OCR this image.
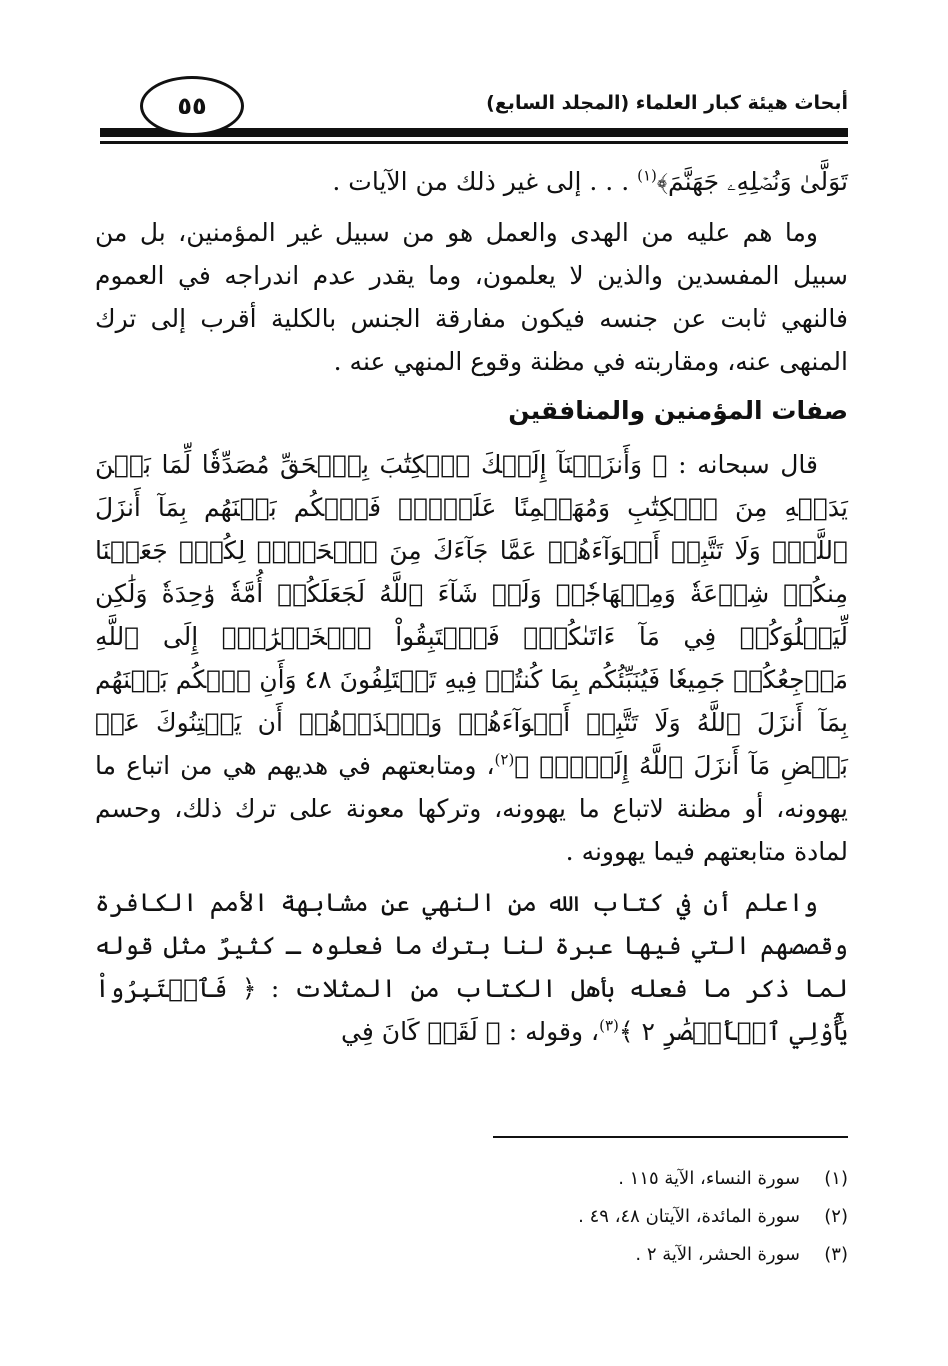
أبحاث هيئة كبار العلماء (المجلد السابع)
٥٥

تَوَلَّىٰ وَنُصۡلِهِۦ جَهَنَّمَ﴾$^{(١)}$ . . . إلى غير ذلك من الآيات .

وما هم عليه من الهدى والعمل هو من سبيل غير المؤمنين، بل من سبيل المفسدين والذين لا يعلمون، وما يقدر عدم اندراجه في العموم فالنهي ثابت عن جنسه فيكون مفارقة الجنس بالكلية أقرب إلى ترك المنهى عنه، ومقاربته في مظنة وقوع المنهي عنه .

صفات المؤمنين والمنافقين

قال سبحانه : ﴿ وَأَنزَلۡنَآ إِلَيۡكَ ٱلۡكِتَٰبَ بِٱلۡحَقِّ مُصَدِّقٗا لِّمَا بَيۡنَ يَدَيۡهِ مِنَ ٱلۡكِتَٰبِ وَمُهَيۡمِنًا عَلَيۡهِۖ فَٱحۡكُم بَيۡنَهُم بِمَآ أَنزَلَ ٱللَّهُۖ وَلَا تَتَّبِعۡ أَهۡوَآءَهُمۡ عَمَّا جَآءَكَ مِنَ ٱلۡحَقِّۚ لِكُلّٖ جَعَلۡنَا مِنكُمۡ شِرۡعَةٗ وَمِنۡهَاجٗاۚ وَلَوۡ شَآءَ ٱللَّهُ لَجَعَلَكُمۡ أُمَّةٗ وَٰحِدَةٗ وَلَٰكِن لِّيَبۡلُوَكُمۡ فِي مَآ ءَاتَىٰكُمۡۖ فَٱسۡتَبِقُواْ ٱلۡخَيۡرَٰتِۚ إِلَى ٱللَّهِ مَرۡجِعُكُمۡ جَمِيعٗا فَيُنَبِّئُكُم بِمَا كُنتُمۡ فِيهِ تَخۡتَلِفُونَ ٤٨ وَأَنِ ٱحۡكُم بَيۡنَهُم بِمَآ أَنزَلَ ٱللَّهُ وَلَا تَتَّبِعۡ أَهۡوَآءَهُمۡ وَٱحۡذَرۡهُمۡ أَن يَفۡتِنُوكَ عَنۢ بَعۡضِ مَآ أَنزَلَ ٱللَّهُ إِلَيۡكَۖ ﴾$^{(٢)}$، ومتابعتهم في هديهم هي من اتباع ما يهوونه، أو مظنة لاتباع ما يهوونه، وتركها معونة على ترك ذلك، وحسم لمادة متابعتهم فيما يهوونه .

واعلم أن في كتاب الله من النهي عن مشابهة الأمم الكافرة وقصصهم التي فيها عبرة لنا بترك ما فعلوه ـ كثيرٌ مثل قوله لما ذكر ما فعله بأهل الكتاب من المثلات : ﴿ فَٱعۡتَبِرُواْ يَٰٓأُوْلِي ٱلۡأَبۡصَٰرِ ٢ ﴾$^{(٣)}$، وقوله : ﴿ لَقَدۡ كَانَ فِي

(١)سورة النساء، الآية ١١٥ .
(٢)سورة المائدة، الآيتان ٤٨، ٤٩ .
(٣)سورة الحشر، الآية ٢ .
